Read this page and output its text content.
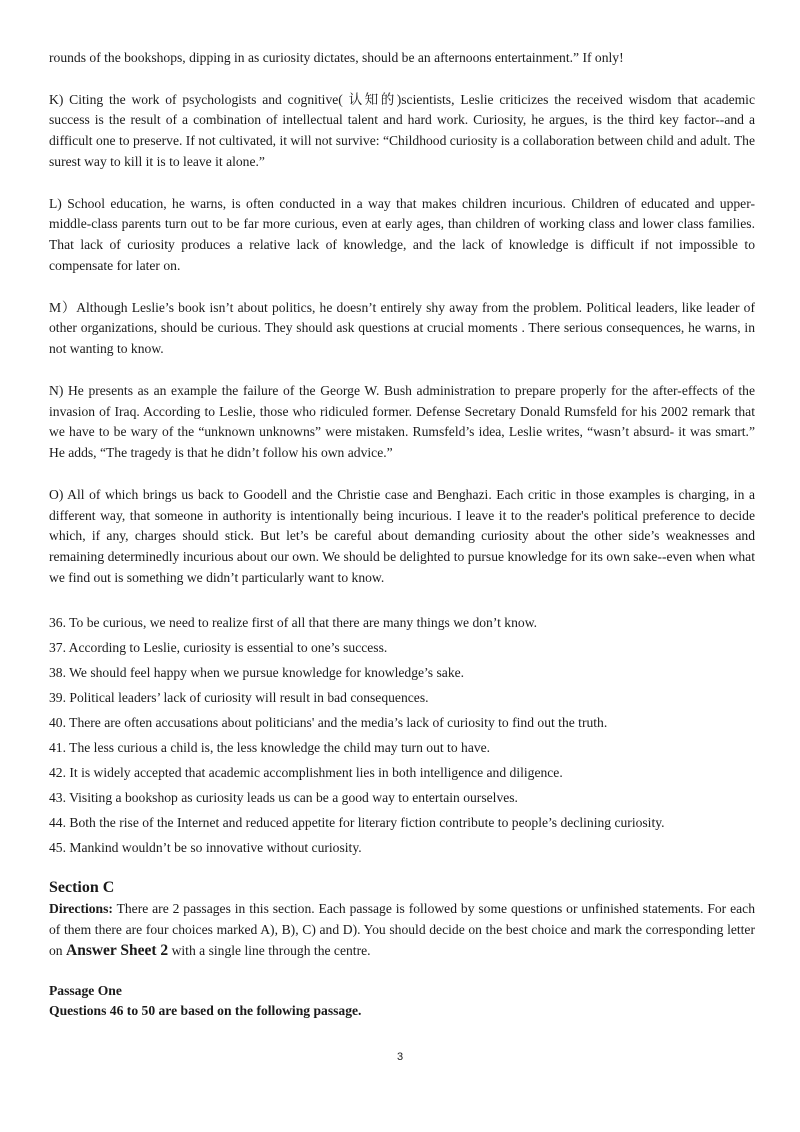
rounds of the bookshops, dipping in as curiosity dictates, should be an afternoons entertainment.” If only!

K) Citing the work of psychologists and cognitive( 认知的)scientists, Leslie criticizes the received wisdom that academic success is the result of a combination of intellectual talent and hard work. Curiosity, he argues, is the third key factor--and a difficult one to preserve. If not cultivated, it will not survive: “Childhood curiosity is a collaboration between child and adult. The surest way to kill it is to leave it alone.”

L) School education, he warns, is often conducted in a way that makes children incurious. Children of educated and upper-middle-class parents turn out to be far more curious, even at early ages, than children of working class and lower class families. That lack of curiosity produces a relative lack of knowledge, and the lack of knowledge is difficult if not impossible to compensate for later on.

M）Although Leslie’s book isn’t about politics, he doesn’t entirely shy away from the problem. Political leaders, like leader of other organizations, should be curious. They should ask questions at crucial moments . There serious consequences, he warns, in not wanting to know.

N) He presents as an example the failure of the George W. Bush administration to prepare properly for the after-effects of the invasion of Iraq. According to Leslie, those who ridiculed former. Defense Secretary Donald Rumsfeld for his 2002 remark that we have to be wary of the “unknown unknowns” were mistaken. Rumsfeld’s idea, Leslie writes, “wasn’t absurd- it was smart.” He adds, “The tragedy is that he didn’t follow his own advice.”

O) All of which brings us back to Goodell and the Christie case and Benghazi. Each critic in those examples is charging, in a different way, that someone in authority is intentionally being incurious. I leave it to the reader's political preference to decide which, if any, charges should stick. But let’s be careful about demanding curiosity about the other side’s weaknesses and remaining determinedly incurious about our own. We should be delighted to pursue knowledge for its own sake--even when what we find out is something we didn’t particularly want to know.

36. To be curious, we need to realize first of all that there are many things we don’t know.

37. According to Leslie, curiosity is essential to one’s success.

38. We should feel happy when we pursue knowledge for knowledge’s sake.

39. Political leaders’ lack of curiosity will result in bad consequences.

40. There are often accusations about politicians' and the media’s lack of curiosity to find out the truth.

41. The less curious a child is, the less knowledge the child may turn out to have.

42. It is widely accepted that academic accomplishment lies in both intelligence and diligence.

43. Visiting a bookshop as curiosity leads us can be a good way to entertain ourselves.

44. Both the rise of the Internet and reduced appetite for literary fiction contribute to people’s declining curiosity.

45. Mankind wouldn’t be so innovative without curiosity.

Section C

Directions: There are 2 passages in this section. Each passage is followed by some questions or unfinished statements. For each of them there are four choices marked A), B), C) and D). You should decide on the best choice and mark the corresponding letter on Answer Sheet 2 with a single line through the centre.

Passage One
Questions 46 to 50 are based on the following passage.
3
